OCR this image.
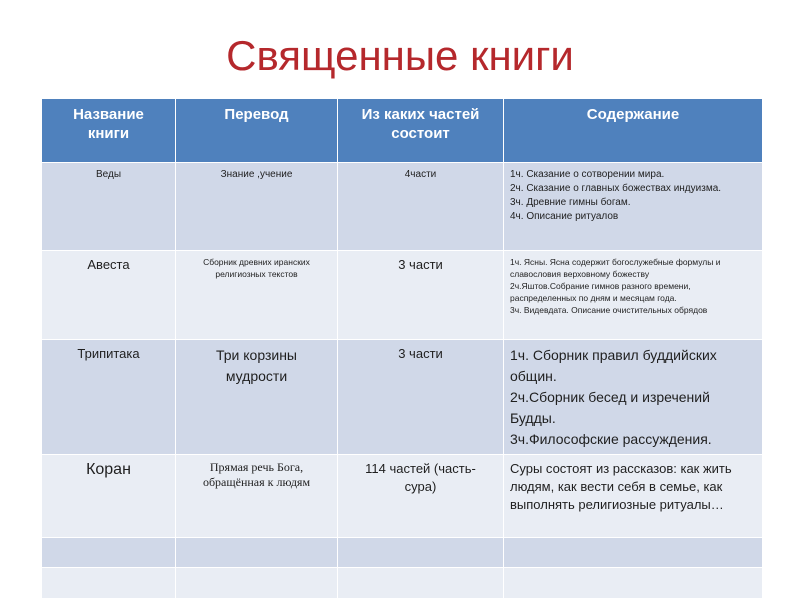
Священные книги
Название книги	Перевод	Из каких частей состоит	Содержание

Веды	Знание ,учение	4части	1ч. Сказание о сотворении мира.
2ч. Сказание о главных божествах индуизма.
3ч. Древние гимны богам.
4ч. Описание ритуалов

Авеста	Сборник древних иранских религиозных текстов	3 части	1ч. Ясны. Ясна содержит богослужебные формулы и славословия верховному божеству
2ч.Яштов.Собрание гимнов разного времени, распределенных по дням и месяцам года.
3ч. Видевдата. Описание очистительных обрядов

Трипитака	Три корзины мудрости	3 части	1ч. Сборник правил буддийских общин.
2ч.Сборник бесед и изречений Будды.
3ч.Философские рассуждения.

Коран	Прямая речь Бога, обращённая к людям	114 частей (часть-сура)	Суры состоят из рассказов: как жить людям, как вести себя в семье, как выполнять религиозные ритуалы…
